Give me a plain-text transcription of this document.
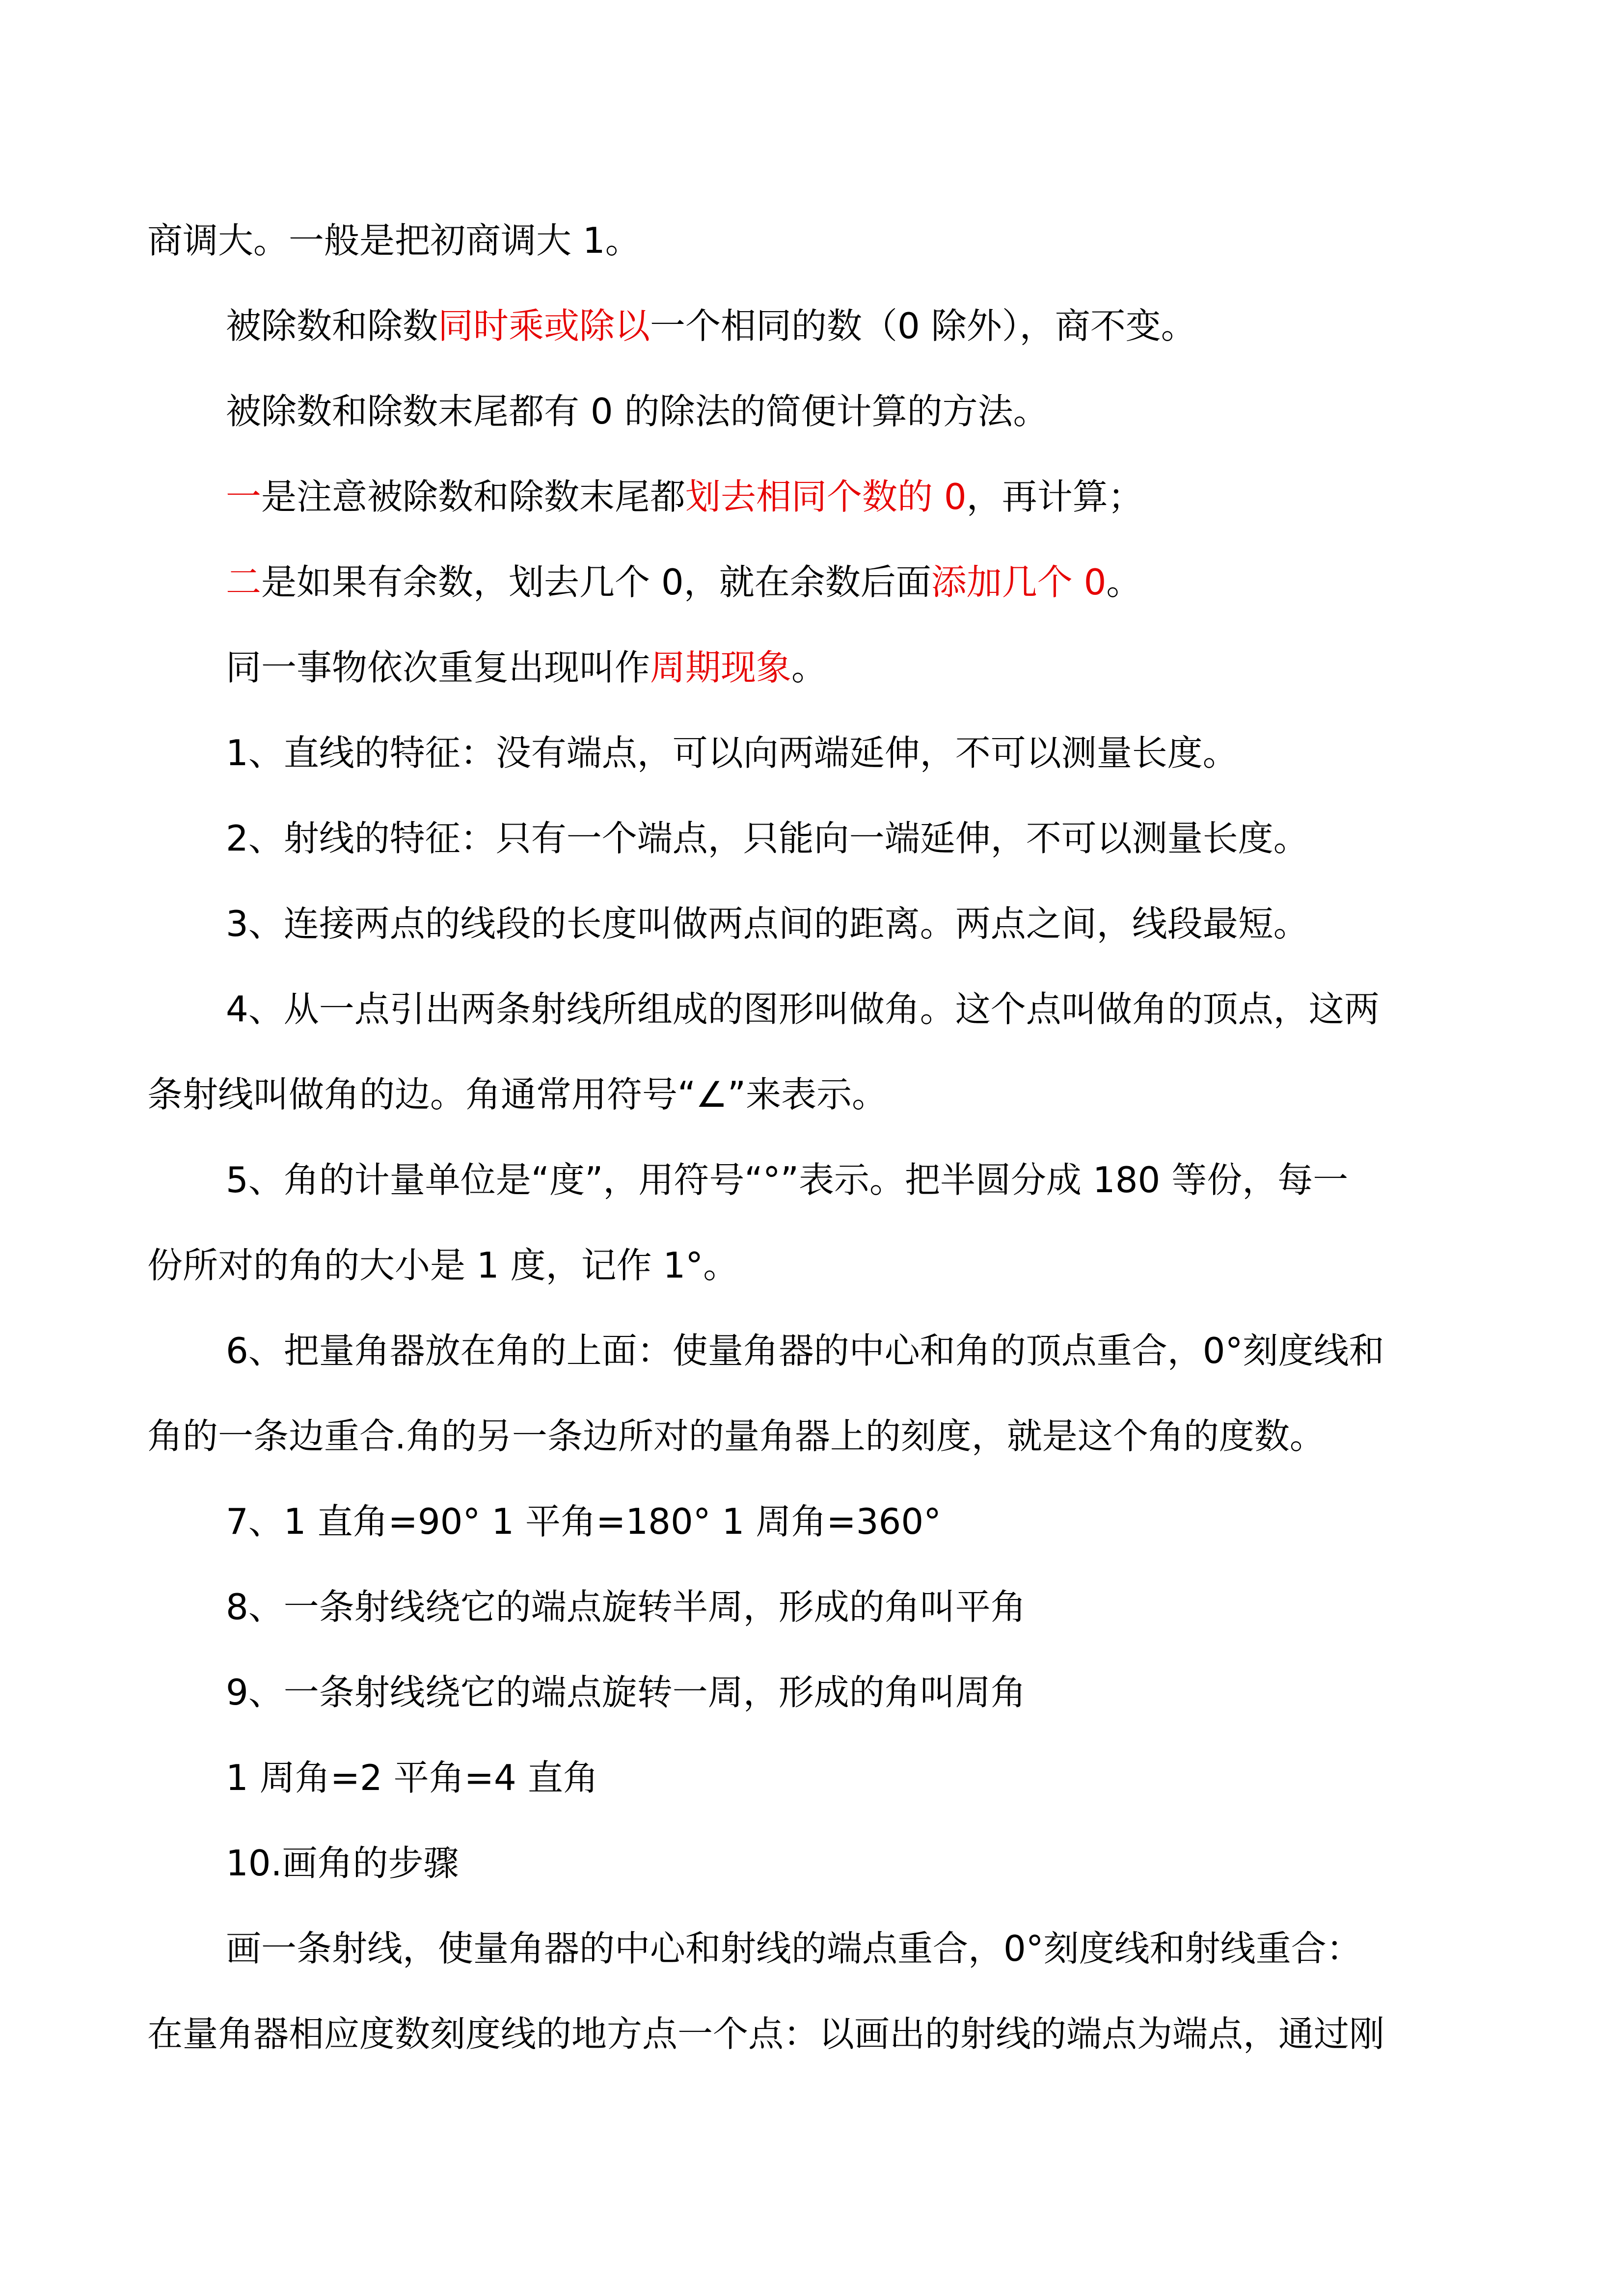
商调大。一般是把初商调大 1。
被除数和除数同时乘或除以一个相同的数（0 除外），商不变。
被除数和除数末尾都有 0 的除法的简便计算的方法。
一是注意被除数和除数末尾都划去相同个数的 0，再计算；
二是如果有余数，划去几个 0，就在余数后面添加几个 0。
同一事物依次重复出现叫作周期现象。
1、直线的特征：没有端点，可以向两端延伸，不可以测量长度。
2、射线的特征：只有一个端点，只能向一端延伸，不可以测量长度。
3、连接两点的线段的长度叫做两点间的距离。两点之间，线段最短。
4、从一点引出两条射线所组成的图形叫做角。这个点叫做角的顶点，这两
条射线叫做角的边。角通常用符号“∠”来表示。
5、角的计量单位是“度”，用符号“°”表示。把半圆分成 180 等份，每一
份所对的角的大小是 1 度，记作 1°。
6、把量角器放在角的上面：使量角器的中心和角的顶点重合，0°刻度线和
角的一条边重合.角的另一条边所对的量角器上的刻度，就是这个角的度数。
7、1 直角=90° 1 平角=180° 1 周角=360°
8、一条射线绕它的端点旋转半周，形成的角叫平角
9、一条射线绕它的端点旋转一周，形成的角叫周角
1 周角=2 平角=4 直角
10.画角的步骤
画一条射线，使量角器的中心和射线的端点重合，0°刻度线和射线重合：
在量角器相应度数刻度线的地方点一个点：以画出的射线的端点为端点，通过刚
